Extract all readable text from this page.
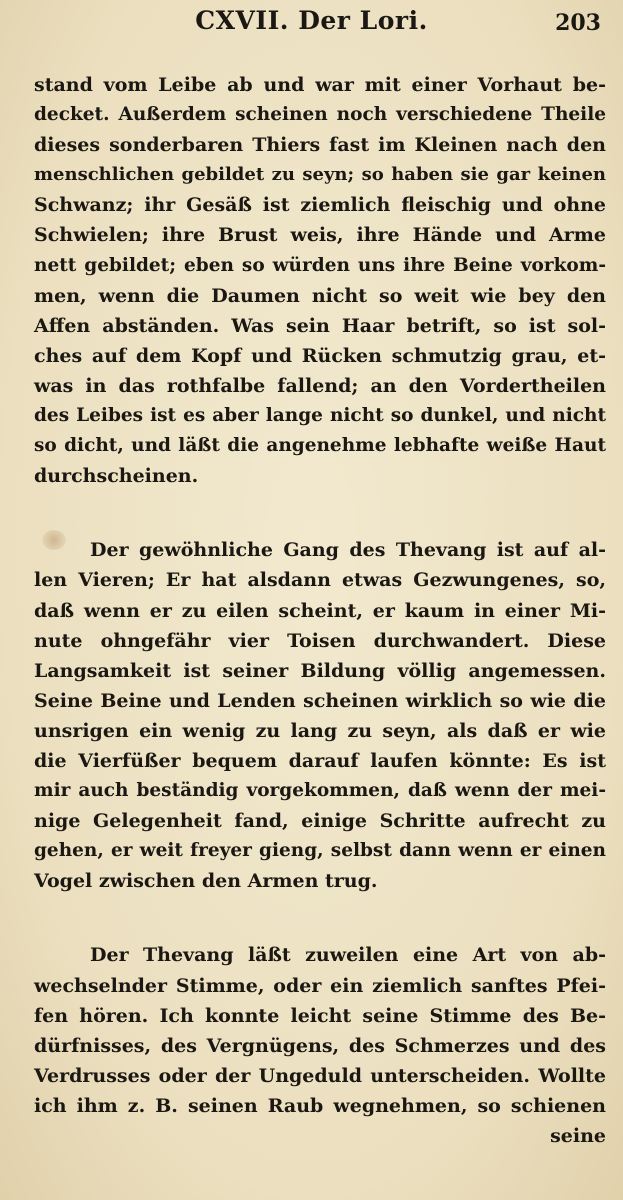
CXVII. Der Lori.	203
stand vom Leibe ab und war mit einer Vorhaut be-
decket. Außerdem scheinen noch verschiedene Theile
dieses sonderbaren Thiers fast im Kleinen nach den
menschlichen gebildet zu seyn; so haben sie gar keinen
Schwanz; ihr Gesäß ist ziemlich fleischig und ohne
Schwielen; ihre Brust weis, ihre Hände und Arme
nett gebildet; eben so würden uns ihre Beine vorkom-
men, wenn die Daumen nicht so weit wie bey den
Affen abständen. Was sein Haar betrift, so ist sol-
ches auf dem Kopf und Rücken schmutzig grau, et-
was in das rothfalbe fallend; an den Vordertheilen
des Leibes ist es aber lange nicht so dunkel, und nicht
so dicht, und läßt die angenehme lebhafte weiße Haut
durchscheinen.
Der gewöhnliche Gang des Thevang ist auf al-
len Vieren; Er hat alsdann etwas Gezwungenes, so,
daß wenn er zu eilen scheint, er kaum in einer Mi-
nute ohngefähr vier Toisen durchwandert. Diese
Langsamkeit ist seiner Bildung völlig angemessen.
Seine Beine und Lenden scheinen wirklich so wie die
unsrigen ein wenig zu lang zu seyn, als daß er wie
die Vierfüßer bequem darauf laufen könnte: Es ist
mir auch beständig vorgekommen, daß wenn der mei-
nige Gelegenheit fand, einige Schritte aufrecht zu
gehen, er weit freyer gieng, selbst dann wenn er einen
Vogel zwischen den Armen trug.
Der Thevang läßt zuweilen eine Art von ab-
wechselnder Stimme, oder ein ziemlich sanftes Pfei-
fen hören. Ich konnte leicht seine Stimme des Be-
dürfnisses, des Vergnügens, des Schmerzes und des
Verdrusses oder der Ungeduld unterscheiden. Wollte
ich ihm z. B. seinen Raub wegnehmen, so schienen
seine
